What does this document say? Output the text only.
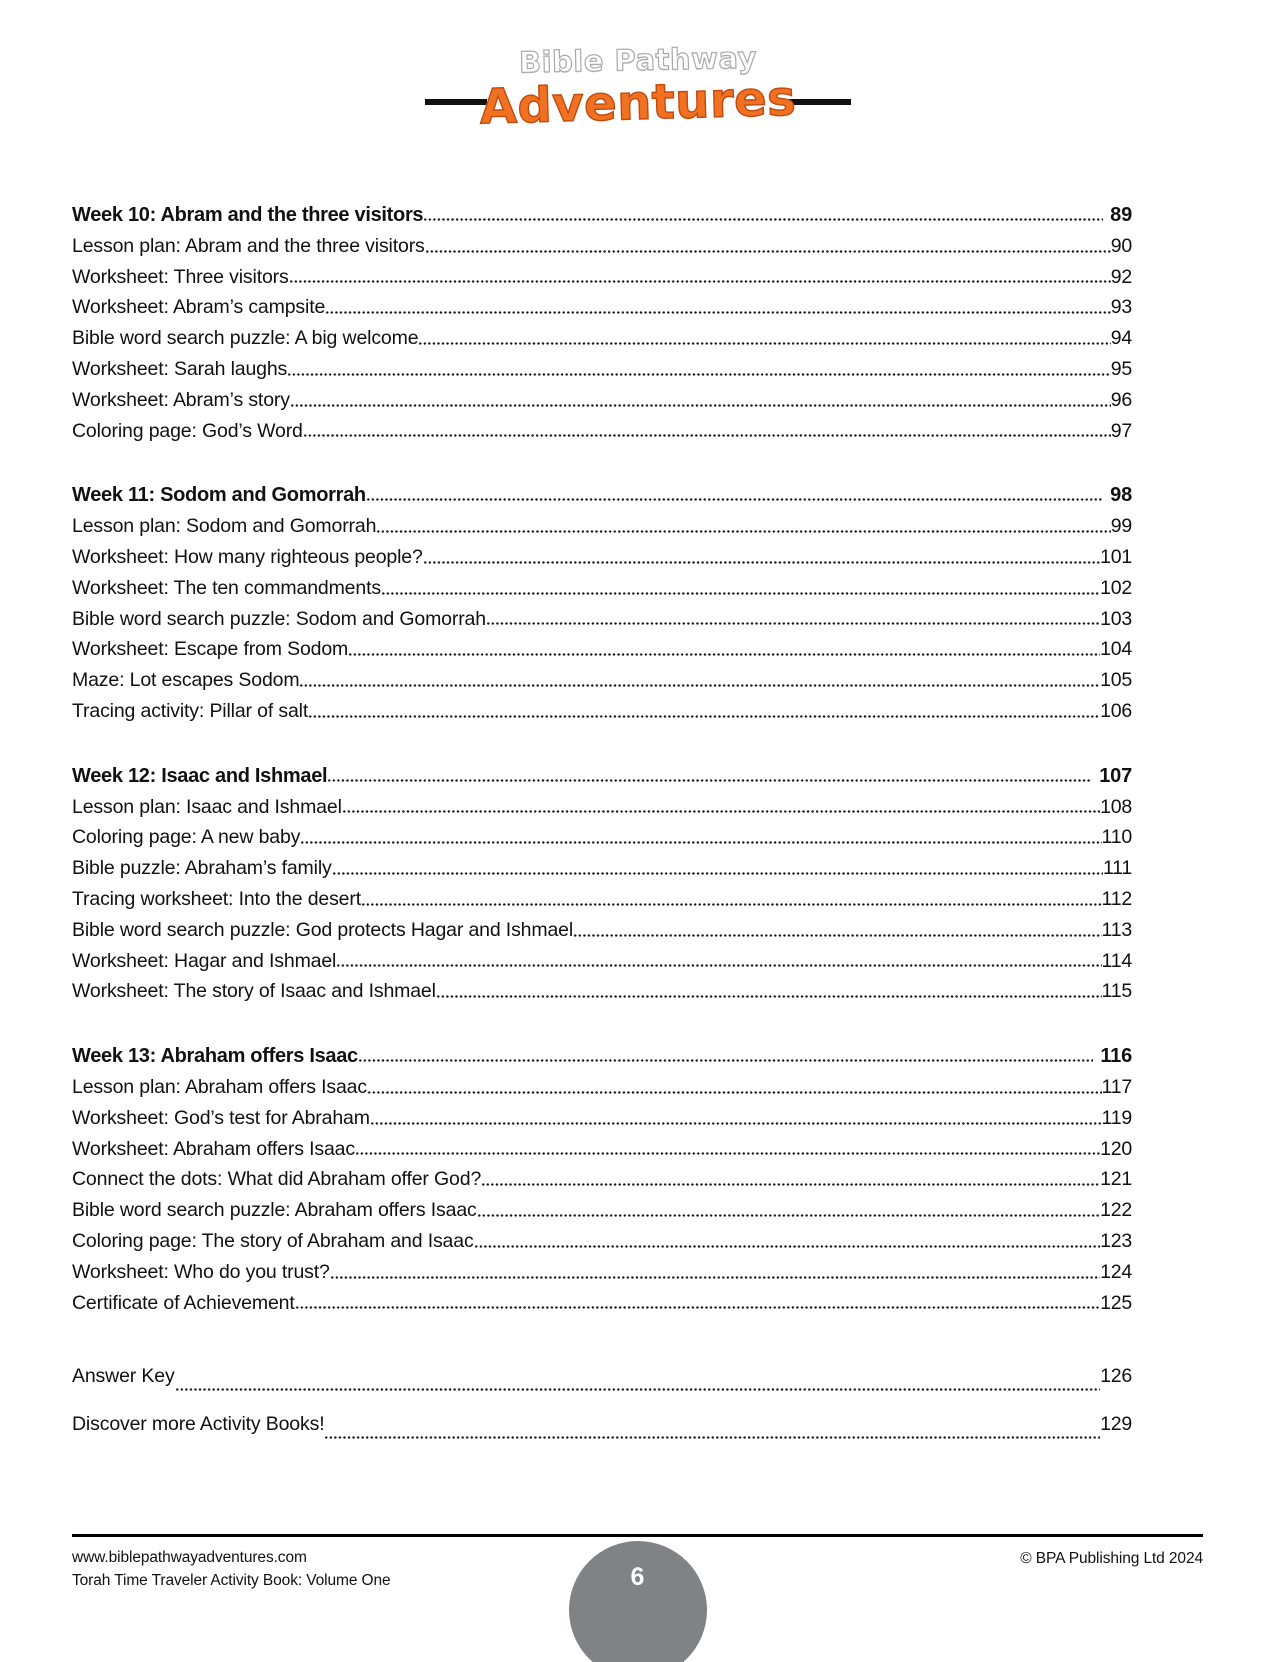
Bible Pathway
Adventures
Week 10: Abram and the three visitors	89
Lesson plan: Abram and the three visitors	90
Worksheet: Three visitors	92
Worksheet: Abram’s campsite	93
Bible word search puzzle: A big welcome	94
Worksheet: Sarah laughs	95
Worksheet: Abram’s story	96
Coloring page: God’s Word	97
Week 11: Sodom and Gomorrah	98
Lesson plan: Sodom and Gomorrah	99
Worksheet: How many righteous people?	101
Worksheet: The ten commandments	102
Bible word search puzzle: Sodom and Gomorrah	103
Worksheet: Escape from Sodom	104
Maze: Lot escapes Sodom	105
Tracing activity: Pillar of salt	106
Week 12: Isaac and Ishmael	107
Lesson plan: Isaac and Ishmael	108
Coloring page: A new baby	110
Bible puzzle: Abraham’s family	111
Tracing worksheet: Into the desert	112
Bible word search puzzle: God protects Hagar and Ishmael	113
Worksheet: Hagar and Ishmael	114
Worksheet: The story of Isaac and Ishmael	115
Week 13: Abraham offers Isaac	116
Lesson plan: Abraham offers Isaac	117
Worksheet: God’s test for Abraham	119
Worksheet: Abraham offers Isaac	120
Connect the dots: What did Abraham offer God?	121
Bible word search puzzle: Abraham offers Isaac	122
Coloring page: The story of Abraham and Isaac	123
Worksheet: Who do you trust?	124
Certificate of Achievement	125
Answer Key	126
Discover more Activity Books!	129
www.biblepathwayadventures.com
Torah Time Traveler Activity Book: Volume One
© BPA Publishing Ltd 2024
6
